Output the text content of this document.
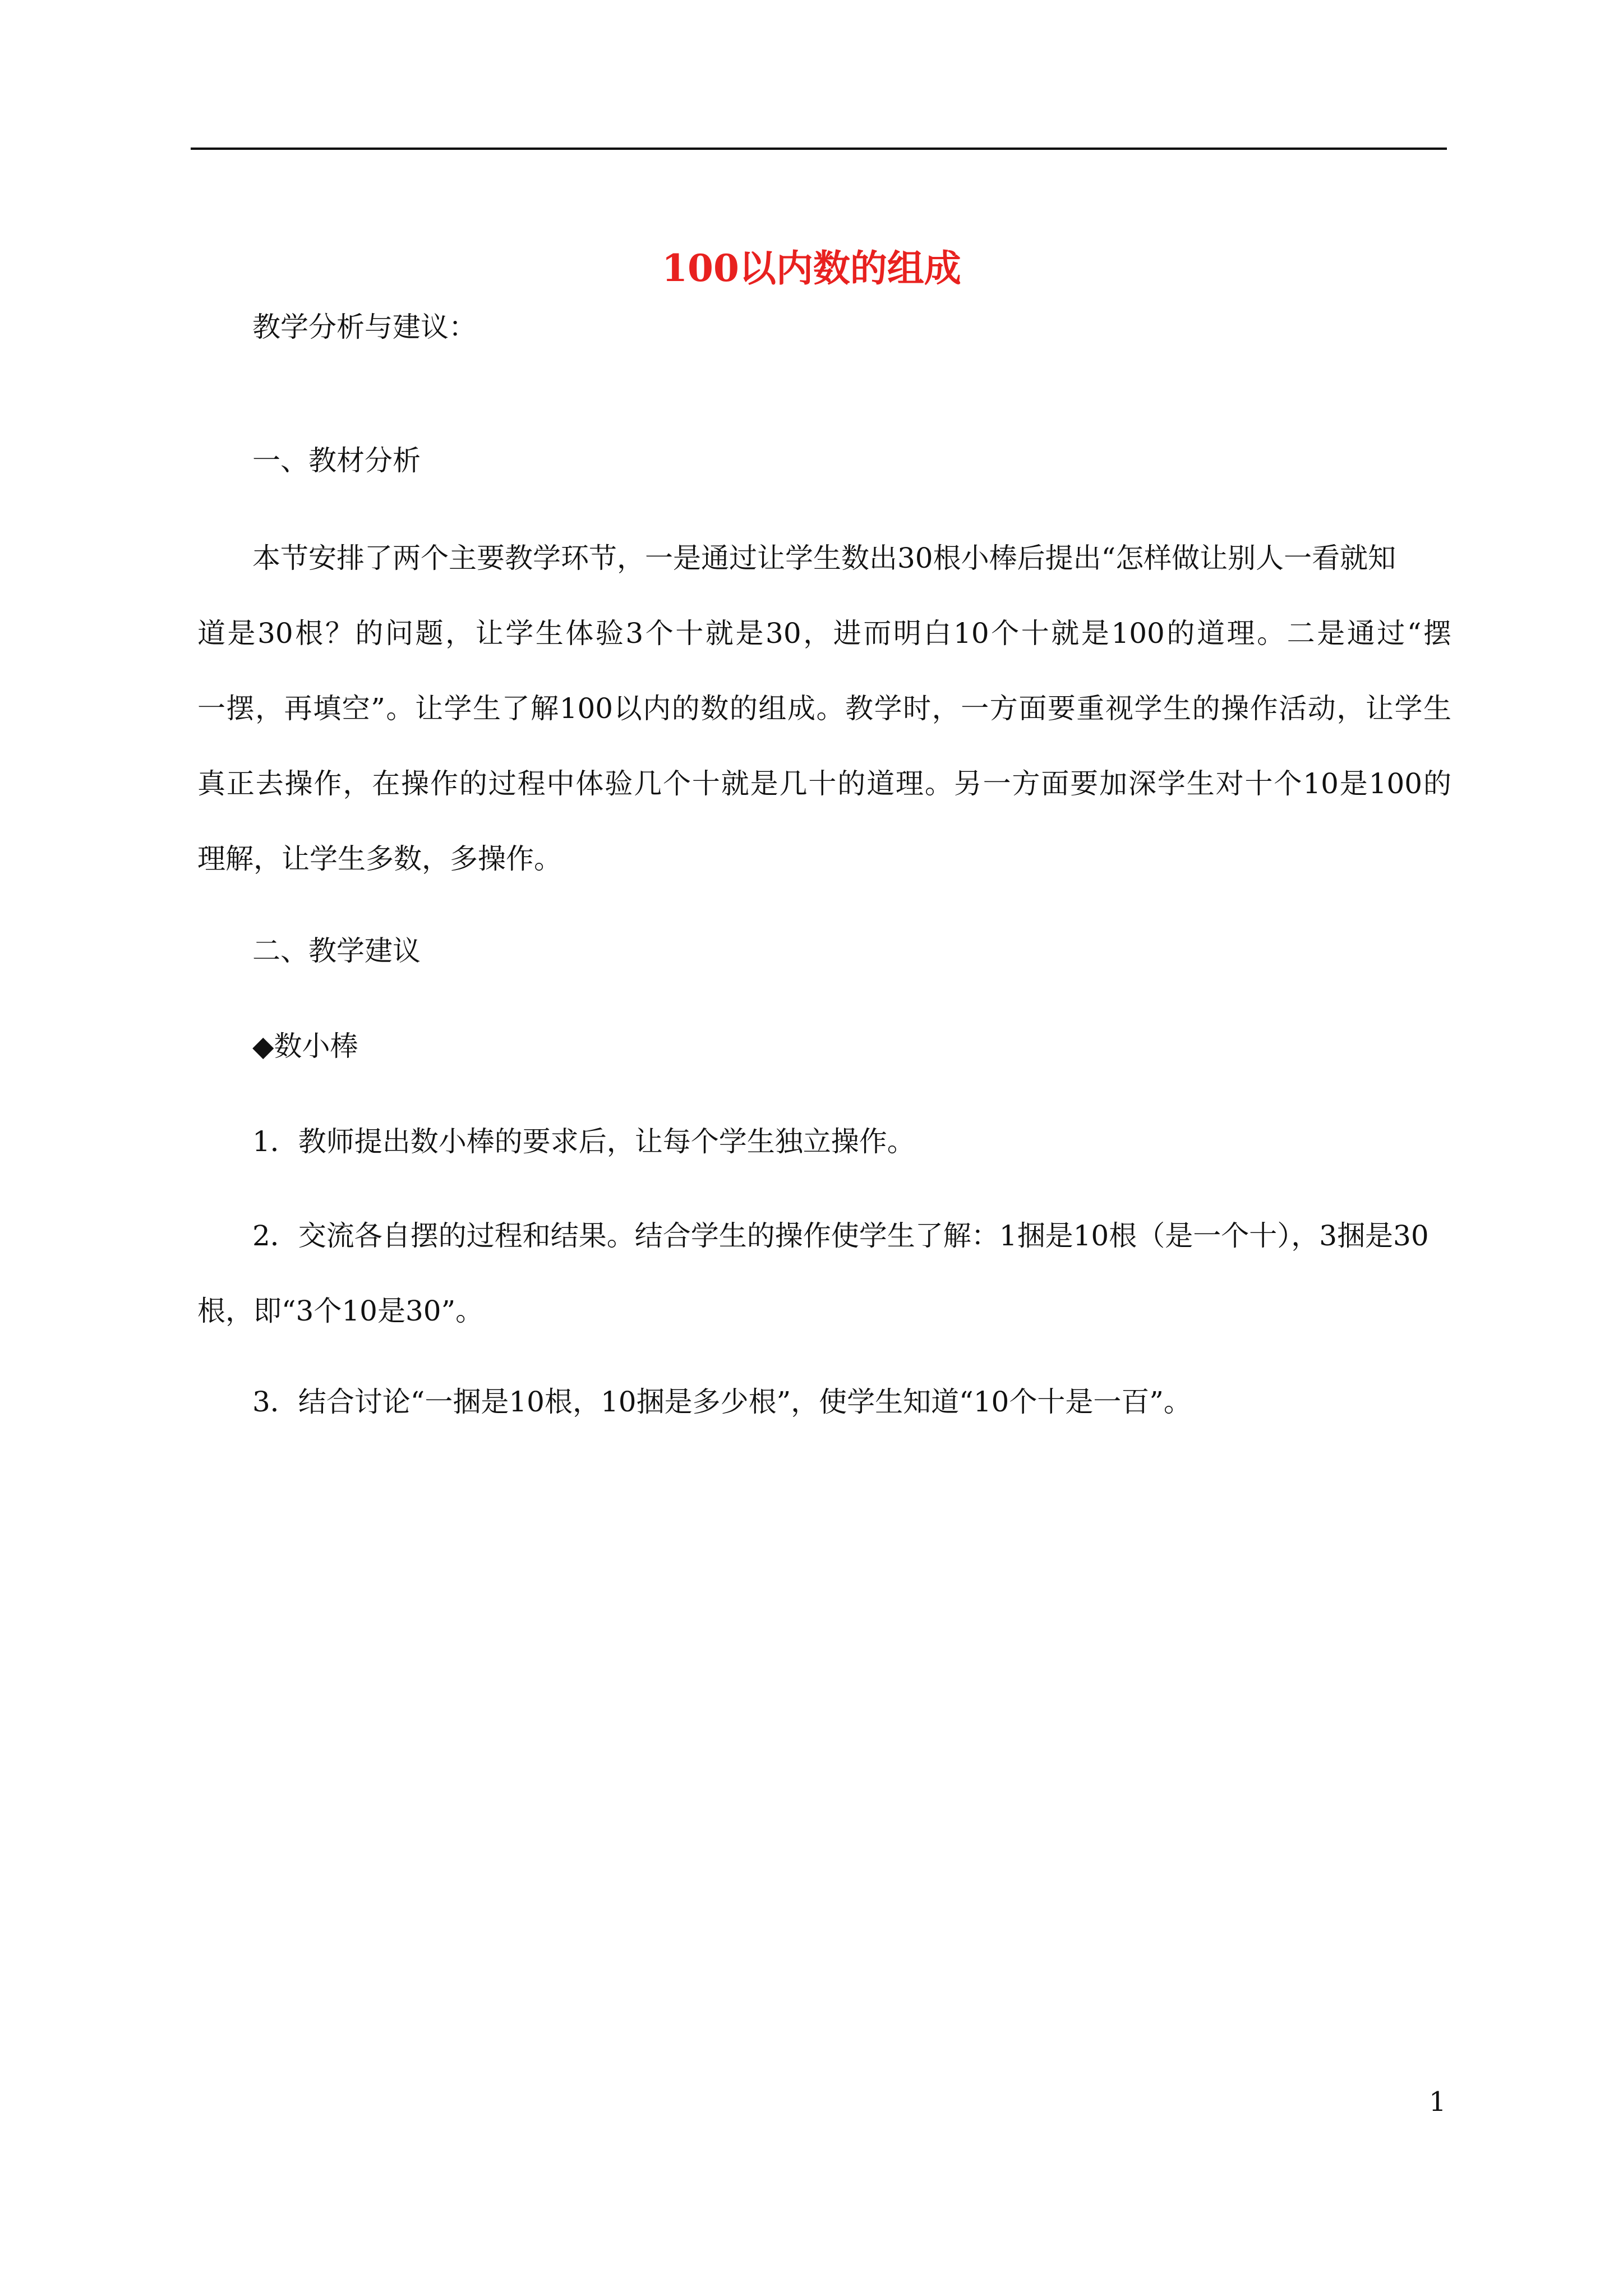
100以内数的组成

教学分析与建议：

一、教材分析

本节安排了两个主要教学环节，一是通过让学生数出30根小棒后提出“怎样做让别人一看就知

道是30根？的问题，让学生体验3个十就是30，进而明白10个十就是100的道理。二是通过“摆

一摆，再填空”。让学生了解100以内的数的组成。教学时，一方面要重视学生的操作活动，让学生

真正去操作，在操作的过程中体验几个十就是几十的道理。另一方面要加深学生对十个10是100的

理解，让学生多数，多操作。

二、教学建议

◆数小棒

1．教师提出数小棒的要求后，让每个学生独立操作。

2．交流各自摆的过程和结果。结合学生的操作使学生了解：1捆是10根（是一个十），3捆是30

根，即“3个10是30”。

3．结合讨论“一捆是10根，10捆是多少根”，使学生知道“10个十是一百”。

1
